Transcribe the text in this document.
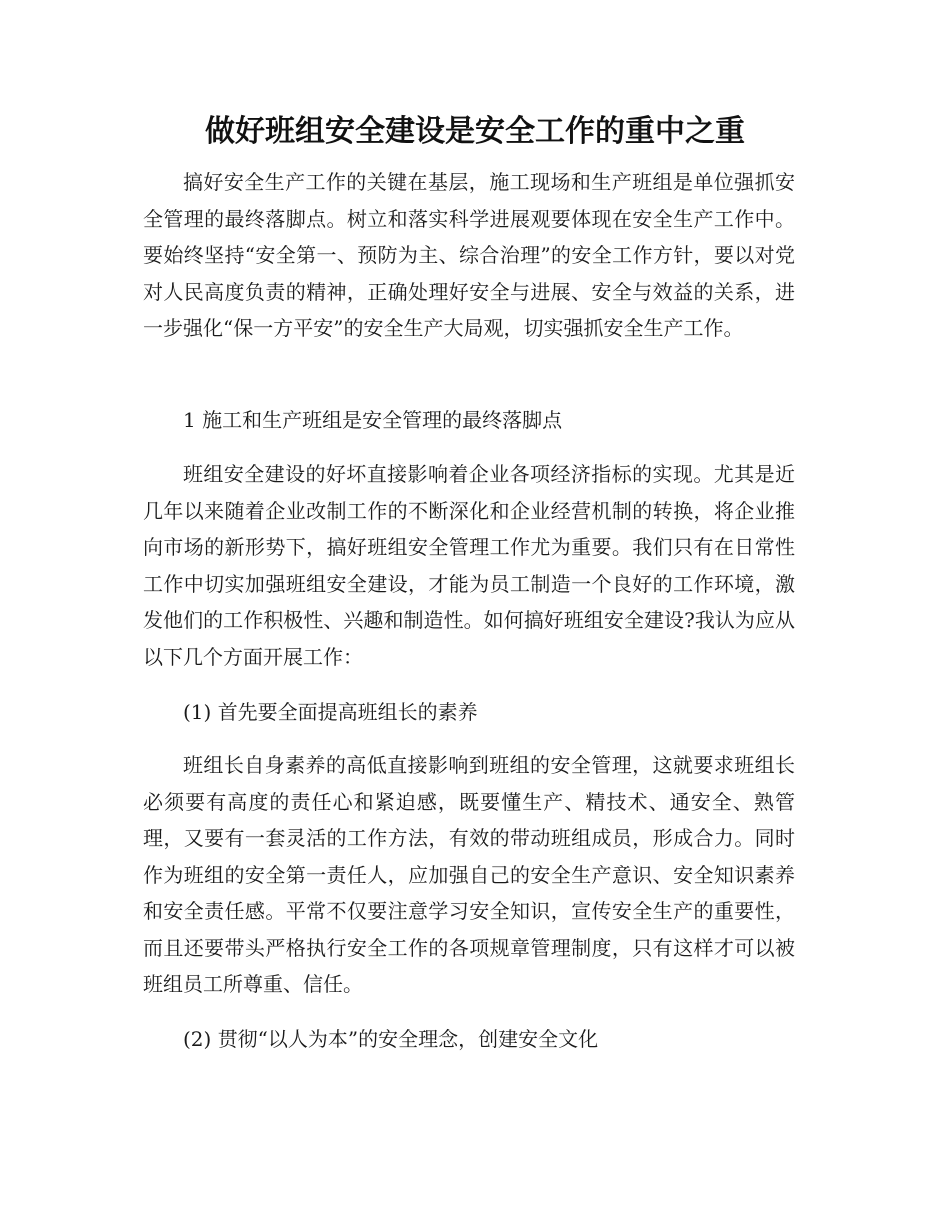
做好班组安全建设是安全工作的重中之重

搞好安全生产工作的关键在基层，施工现场和生产班组是单位强抓安全管理的最终落脚点。树立和落实科学进展观要体现在安全生产工作中。要始终坚持“安全第一、预防为主、综合治理”的安全工作方针，要以对党对人民高度负责的精神，正确处理好安全与进展、安全与效益的关系，进一步强化“保一方平安”的安全生产大局观，切实强抓安全生产工作。

1 施工和生产班组是安全管理的最终落脚点

班组安全建设的好坏直接影响着企业各项经济指标的实现。尤其是近几年以来随着企业改制工作的不断深化和企业经营机制的转换，将企业推向市场的新形势下，搞好班组安全管理工作尤为重要。我们只有在日常性工作中切实加强班组安全建设，才能为员工制造一个良好的工作环境，激发他们的工作积极性、兴趣和制造性。如何搞好班组安全建设?我认为应从以下几个方面开展工作：

(1) 首先要全面提高班组长的素养

班组长自身素养的高低直接影响到班组的安全管理，这就要求班组长必须要有高度的责任心和紧迫感，既要懂生产、精技术、通安全、熟管理，又要有一套灵活的工作方法，有效的带动班组成员，形成合力。同时作为班组的安全第一责任人，应加强自己的安全生产意识、安全知识素养和安全责任感。平常不仅要注意学习安全知识，宣传安全生产的重要性，而且还要带头严格执行安全工作的各项规章管理制度，只有这样才可以被班组员工所尊重、信任。

(2) 贯彻“以人为本”的安全理念，创建安全文化
